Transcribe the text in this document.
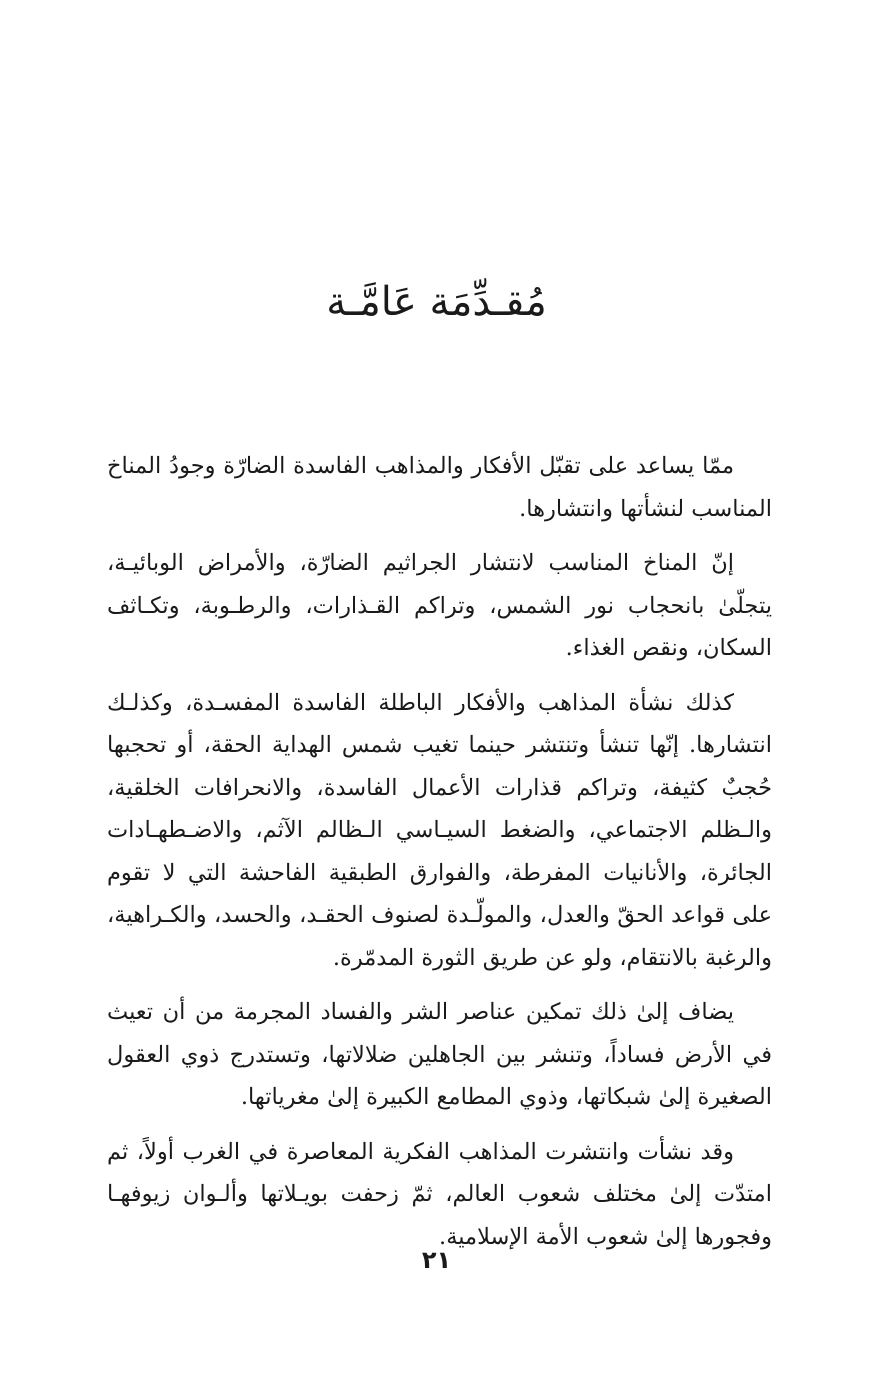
مُقـدِّمَة عَامَّـة

ممّا يساعد على تقبّل الأفكار والمذاهب الفاسدة الضارّة وجودُ المناخ المناسب لنشأتها وانتشارها.

إنّ المناخ المناسب لانتشار الجراثيم الضارّة، والأمراض الوبائيـة، يتجلّىٰ بانحجاب نور الشمس، وتراكم القـذارات، والرطـوبة، وتكـاثف السكان، ونقص الغذاء.

كذلك نشأة المذاهب والأفكار الباطلة الفاسدة المفسـدة، وكذلـك انتشارها. إنّها تنشأ وتنتشر حينما تغيب شمس الهداية الحقة، أو تحجبها حُجبٌ كثيفة، وتراكم قذارات الأعمال الفاسدة، والانحرافات الخلقية، والـظلم الاجتماعي، والضغط السيـاسي الـظالم الآثم، والاضـطهـادات الجائرة، والأنانيات المفرطة، والفوارق الطبقية الفاحشة التي لا تقوم على قواعد الحقّ والعدل، والمولّـدة لصنوف الحقـد، والحسد، والكـراهية، والرغبة بالانتقام، ولو عن طريق الثورة المدمّرة.

يضاف إلىٰ ذلك تمكين عناصر الشر والفساد المجرمة من أن تعيث في الأرض فساداً، وتنشر بين الجاهلين ضلالاتها، وتستدرج ذوي العقول الصغيرة إلىٰ شبكاتها، وذوي المطامع الكبيرة إلىٰ مغرياتها.

وقد نشأت وانتشرت المذاهب الفكرية المعاصرة في الغرب أولاً، ثم امتدّت إلىٰ مختلف شعوب العالم، ثمّ زحفت بويـلاتها وألـوان زيوفهـا وفجورها إلىٰ شعوب الأمة الإسلامية.

٢١
